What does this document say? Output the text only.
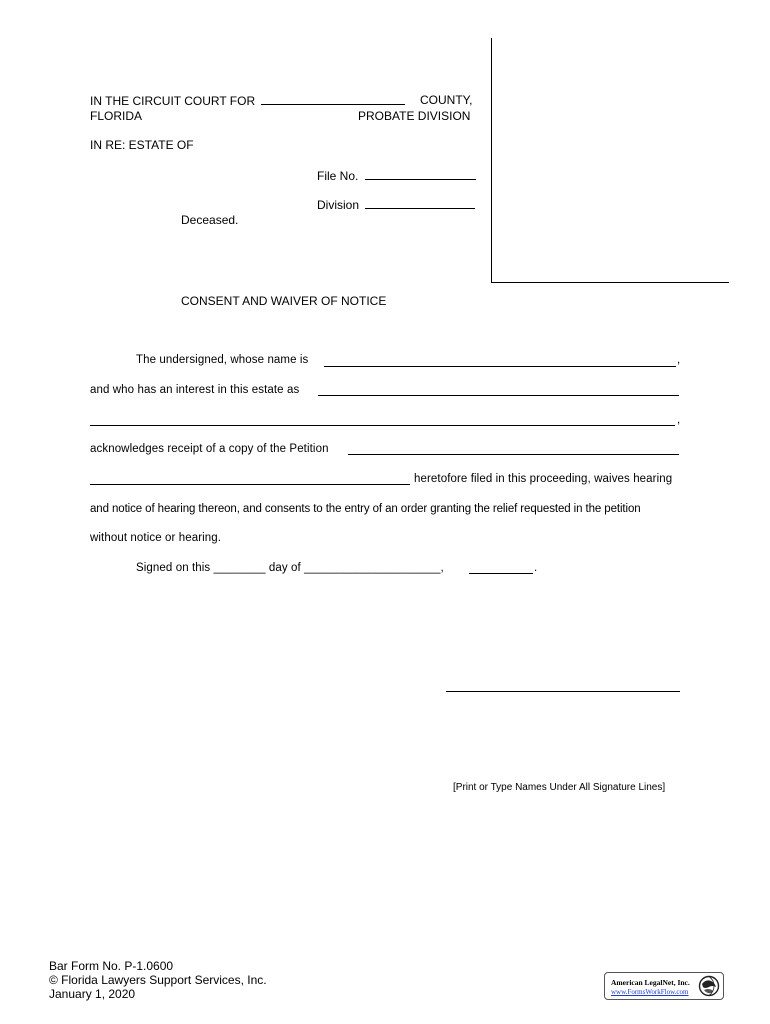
IN THE CIRCUIT COURT FOR	COUNTY,
FLORIDA	PROBATE DIVISION
IN RE: ESTATE OF
File No.
Division
Deceased.
CONSENT AND WAIVER OF NOTICE
The undersigned, whose name is	,
and who has an interest in this estate as
,
acknowledges receipt of a copy of the Petition
heretofore filed in this proceeding, waives hearing
and notice of hearing thereon, and consents to the entry of an order granting the relief requested in the petition
without notice or hearing.
Signed on this ________ day of _____________________,	.
[Print or Type Names Under All Signature Lines]
Bar Form No. P-1.0600
© Florida Lawyers Support Services, Inc.
January 1, 2020
American LegalNet, Inc.
www.FormsWorkFlow.com
